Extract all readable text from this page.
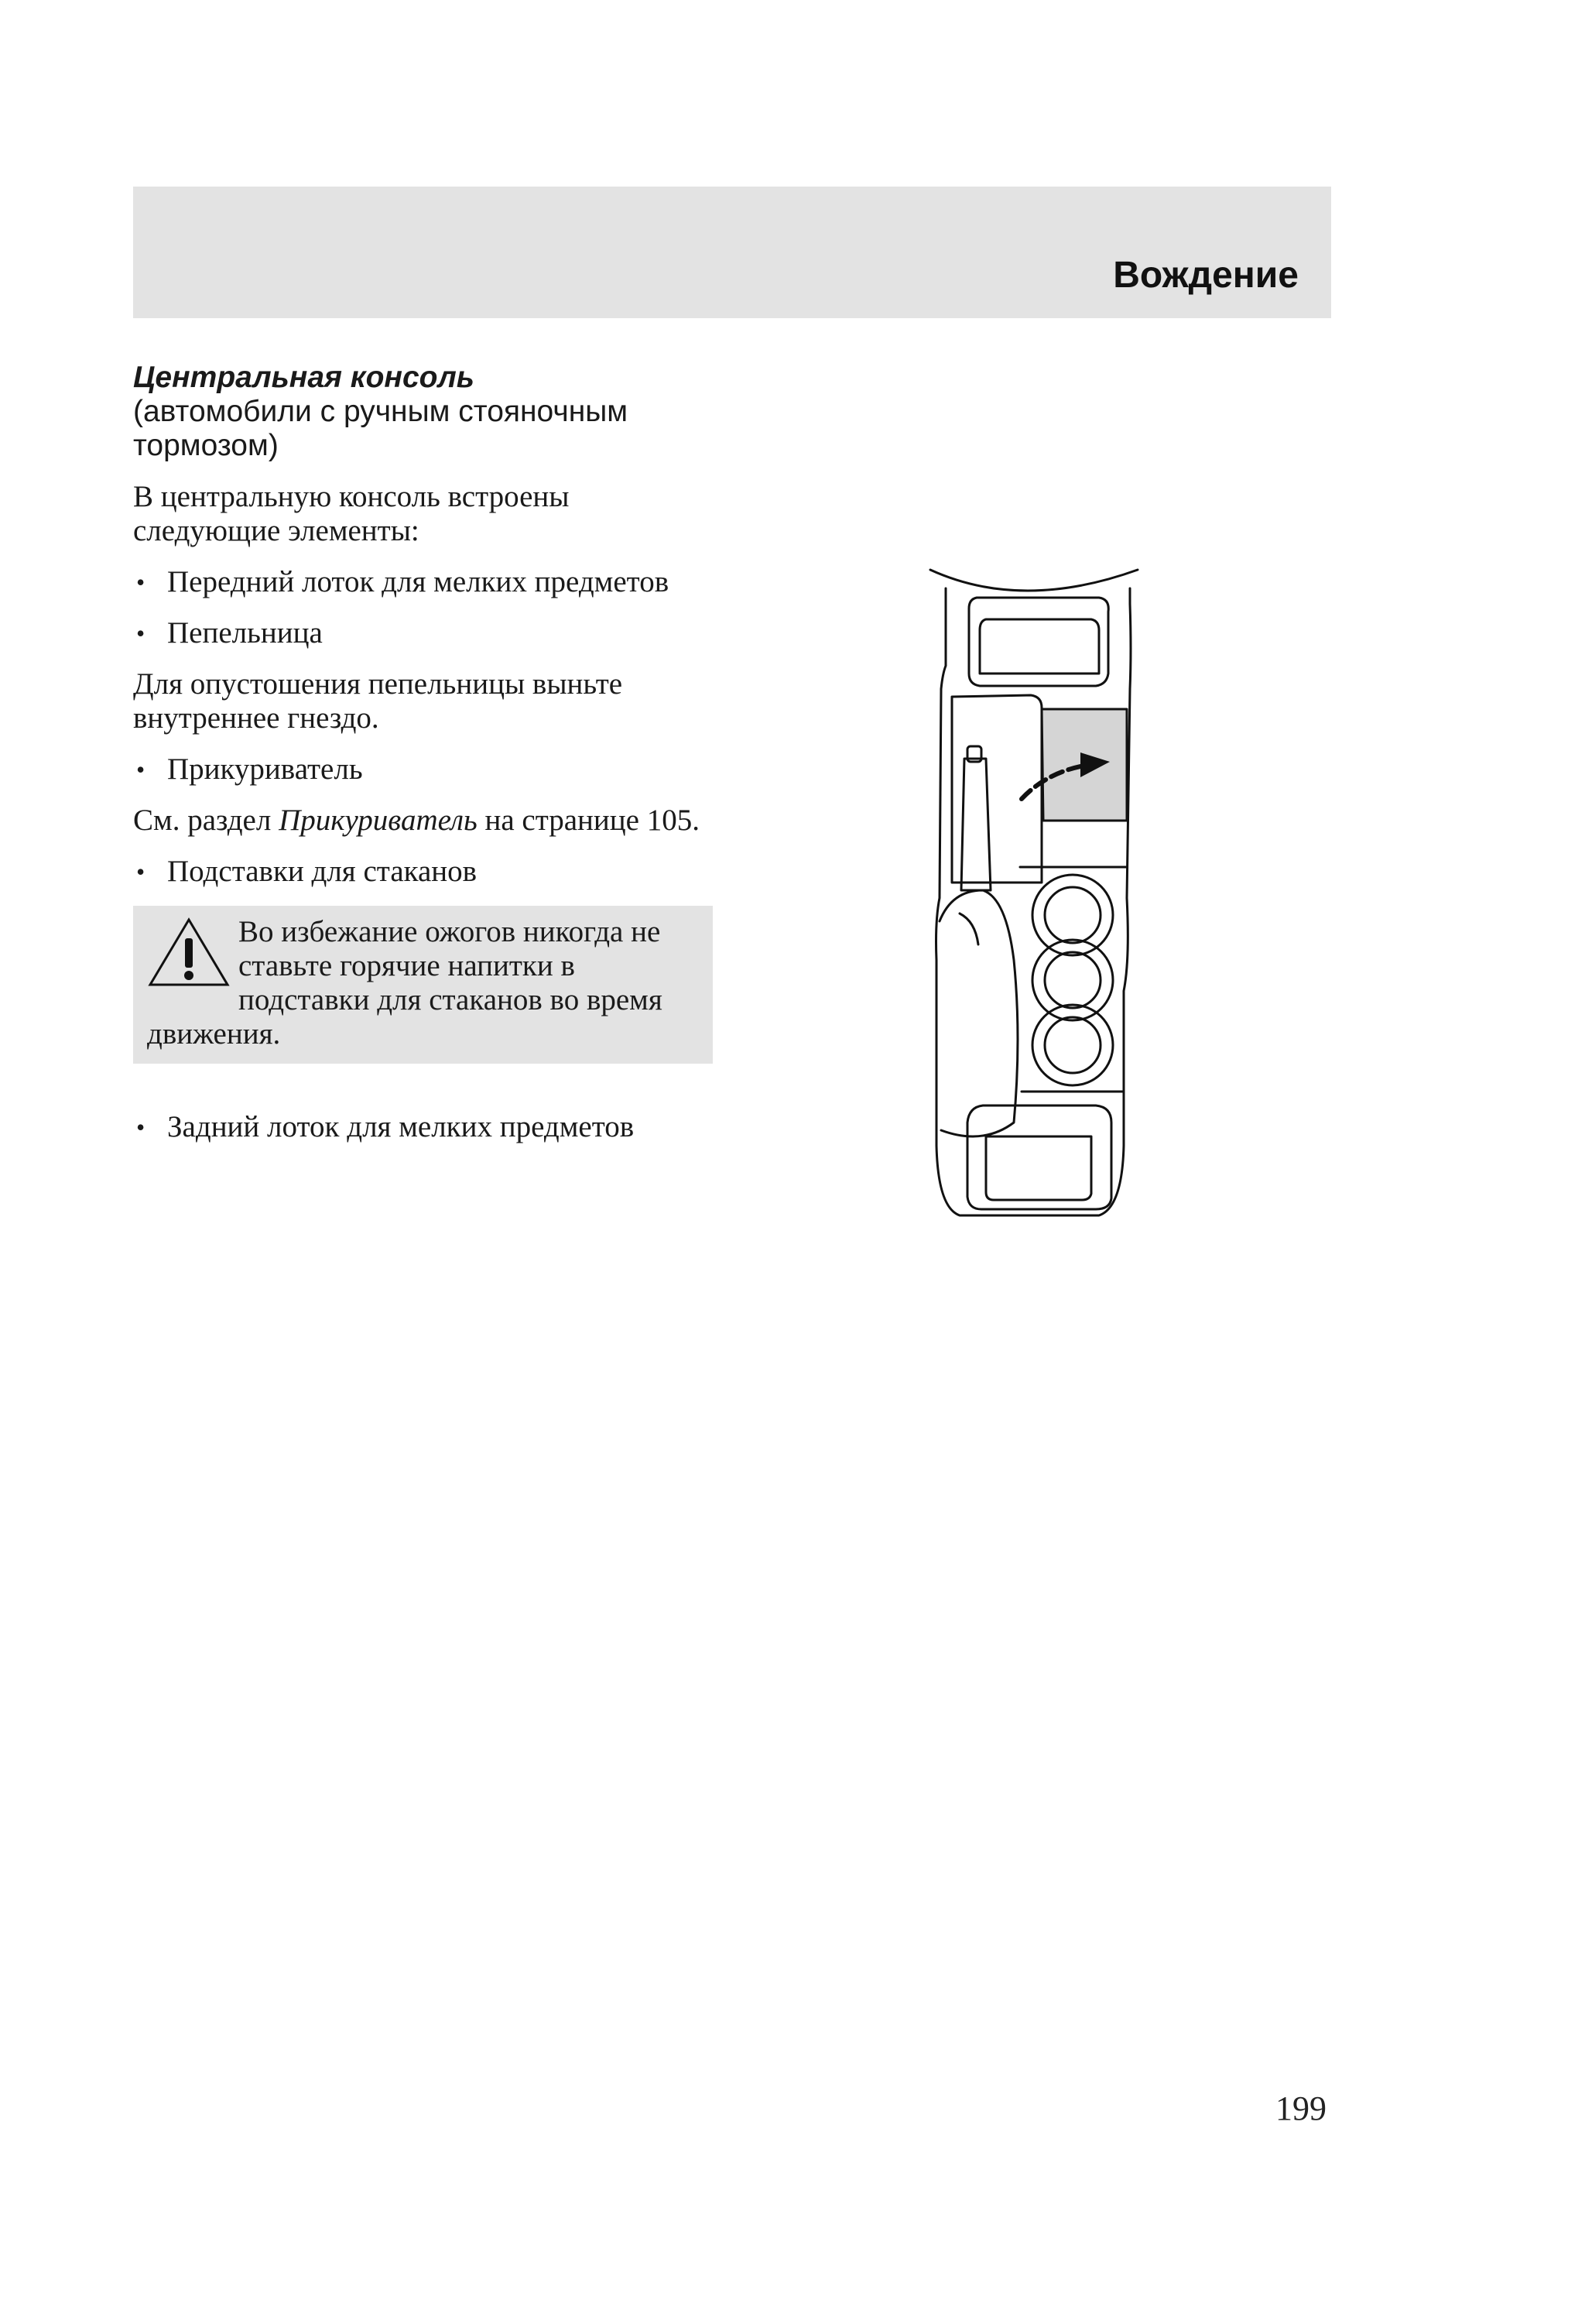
Вождение
Центральная консоль
(автомобили с ручным стояночным тормозом)

В центральную консоль встроены следующие элементы:

• Передний лоток для мелких предметов
• Пепельница

Для опустошения пепельницы выньте внутреннее гнездо.

• Прикуриватель

См. раздел Прикуриватель на странице 105.

• Подставки для стаканов
Во избежание ожогов никогда не ставьте горячие напитки в подставки для стаканов во время движения.
• Задний лоток для мелких предметов
199
